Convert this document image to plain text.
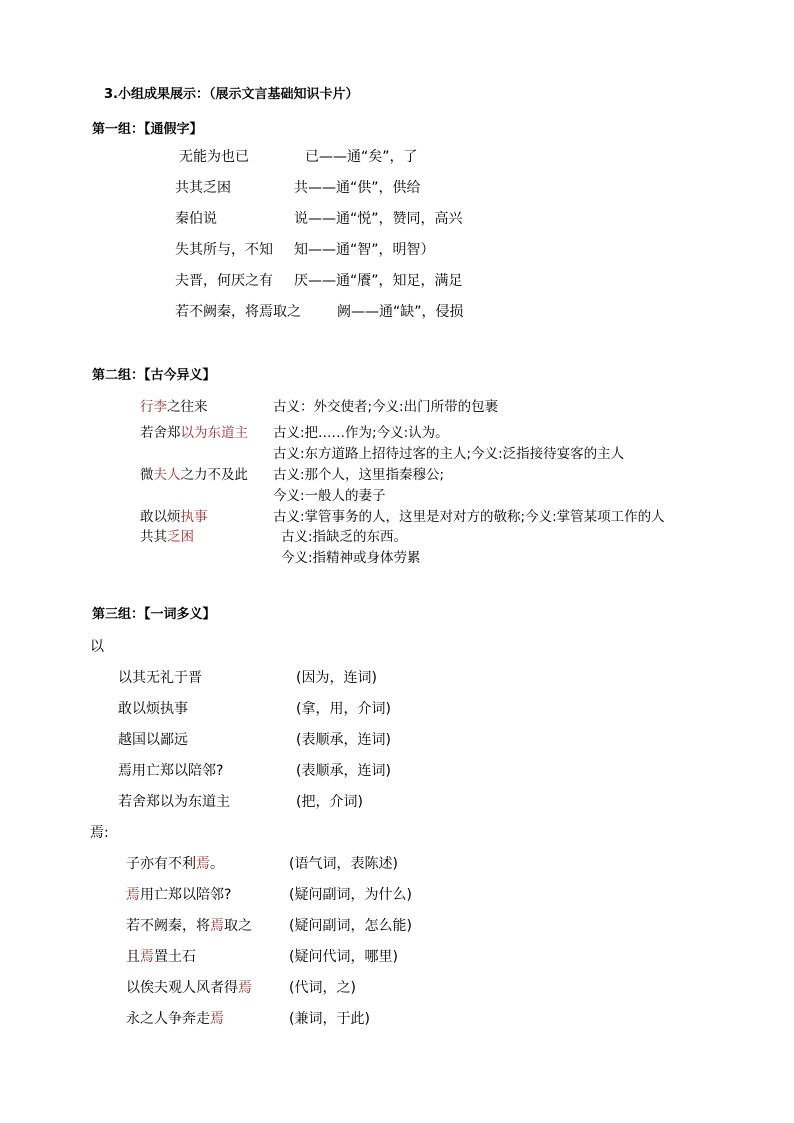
3.小组成果展示：（展示文言基础知识卡片）
第一组：【通假字】
无能为也已	已——通“矣”，了
共其乏困	共——通“供”，供给
秦伯说	说——通“悦”，赞同，高兴
失其所与，不知 知——通“智”，明智）
夫晋，何厌之有 厌——通“餍”，知足，满足
若不阙秦，将焉取之	阙——通“缺”，侵损
第二组：【古今异义】
行李之往来	古义：外交使者;今义:出门所带的包裹
若舍郑以为东道主 古义:把……作为;今义:认为。
古义:东方道路上招待过客的主人;今义:泛指接待宴客的主人
微夫人之力不及此 古义:那个人，这里指秦穆公;
今义:一般人的妻子
敢以烦执事	古义:掌管事务的人，这里是对对方的敬称;今义:掌管某项工作的人
共其乏困	古义:指缺乏的东西。
今义:指精神或身体劳累
第三组：【一词多义】
以
以其无礼于晋	(因为，连词)
敢以烦执事	(拿，用，介词)
越国以鄙远	(表顺承，连词)
焉用亡郑以陪邻?	(表顺承，连词)
若舍郑以为东道主	(把，介词)
焉:
子亦有不利焉。	(语气词，表陈述)
焉用亡郑以陪邻?	(疑问副词，为什么)
若不阙秦，将焉取之	(疑问副词，怎么能)
且焉置土石	(疑问代词，哪里)
以俟夫观人风者得焉	(代词，之)
永之人争奔走焉	(兼词，于此)
